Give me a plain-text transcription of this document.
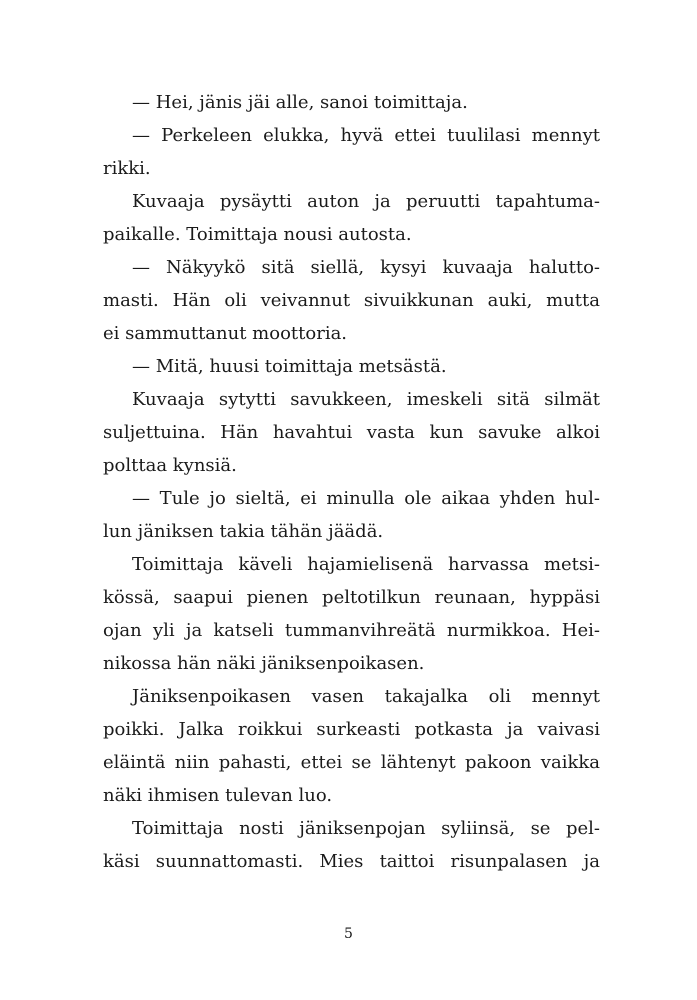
— Hei, jänis jäi alle, sanoi toimittaja.
— Perkeleen elukka, hyvä ettei tuulilasi mennyt
rikki.
Kuvaaja pysäytti auton ja peruutti tapahtuma-
paikalle. Toimittaja nousi autosta.
— Näkyykö sitä siellä, kysyi kuvaaja halutto-
masti. Hän oli veivannut sivuikkunan auki, mutta
ei sammuttanut moottoria.
— Mitä, huusi toimittaja metsästä.
Kuvaaja sytytti savukkeen, imeskeli sitä silmät
suljettuina. Hän havahtui vasta kun savuke alkoi
polttaa kynsiä.
— Tule jo sieltä, ei minulla ole aikaa yhden hul-
lun jäniksen takia tähän jäädä.
Toimittaja käveli hajamielisenä harvassa metsi-
kössä, saapui pienen peltotilkun reunaan, hyppäsi
ojan yli ja katseli tummanvihreätä nurmikkoa. Hei-
nikossa hän näki jäniksenpoikasen.
Jäniksenpoikasen vasen takajalka oli mennyt
poikki. Jalka roikkui surkeasti potkasta ja vaivasi
eläintä niin pahasti, ettei se lähtenyt pakoon vaikka
näki ihmisen tulevan luo.
Toimittaja nosti jäniksenpojan syliinsä, se pel-
käsi suunnattomasti. Mies taittoi risunpalasen ja
5
